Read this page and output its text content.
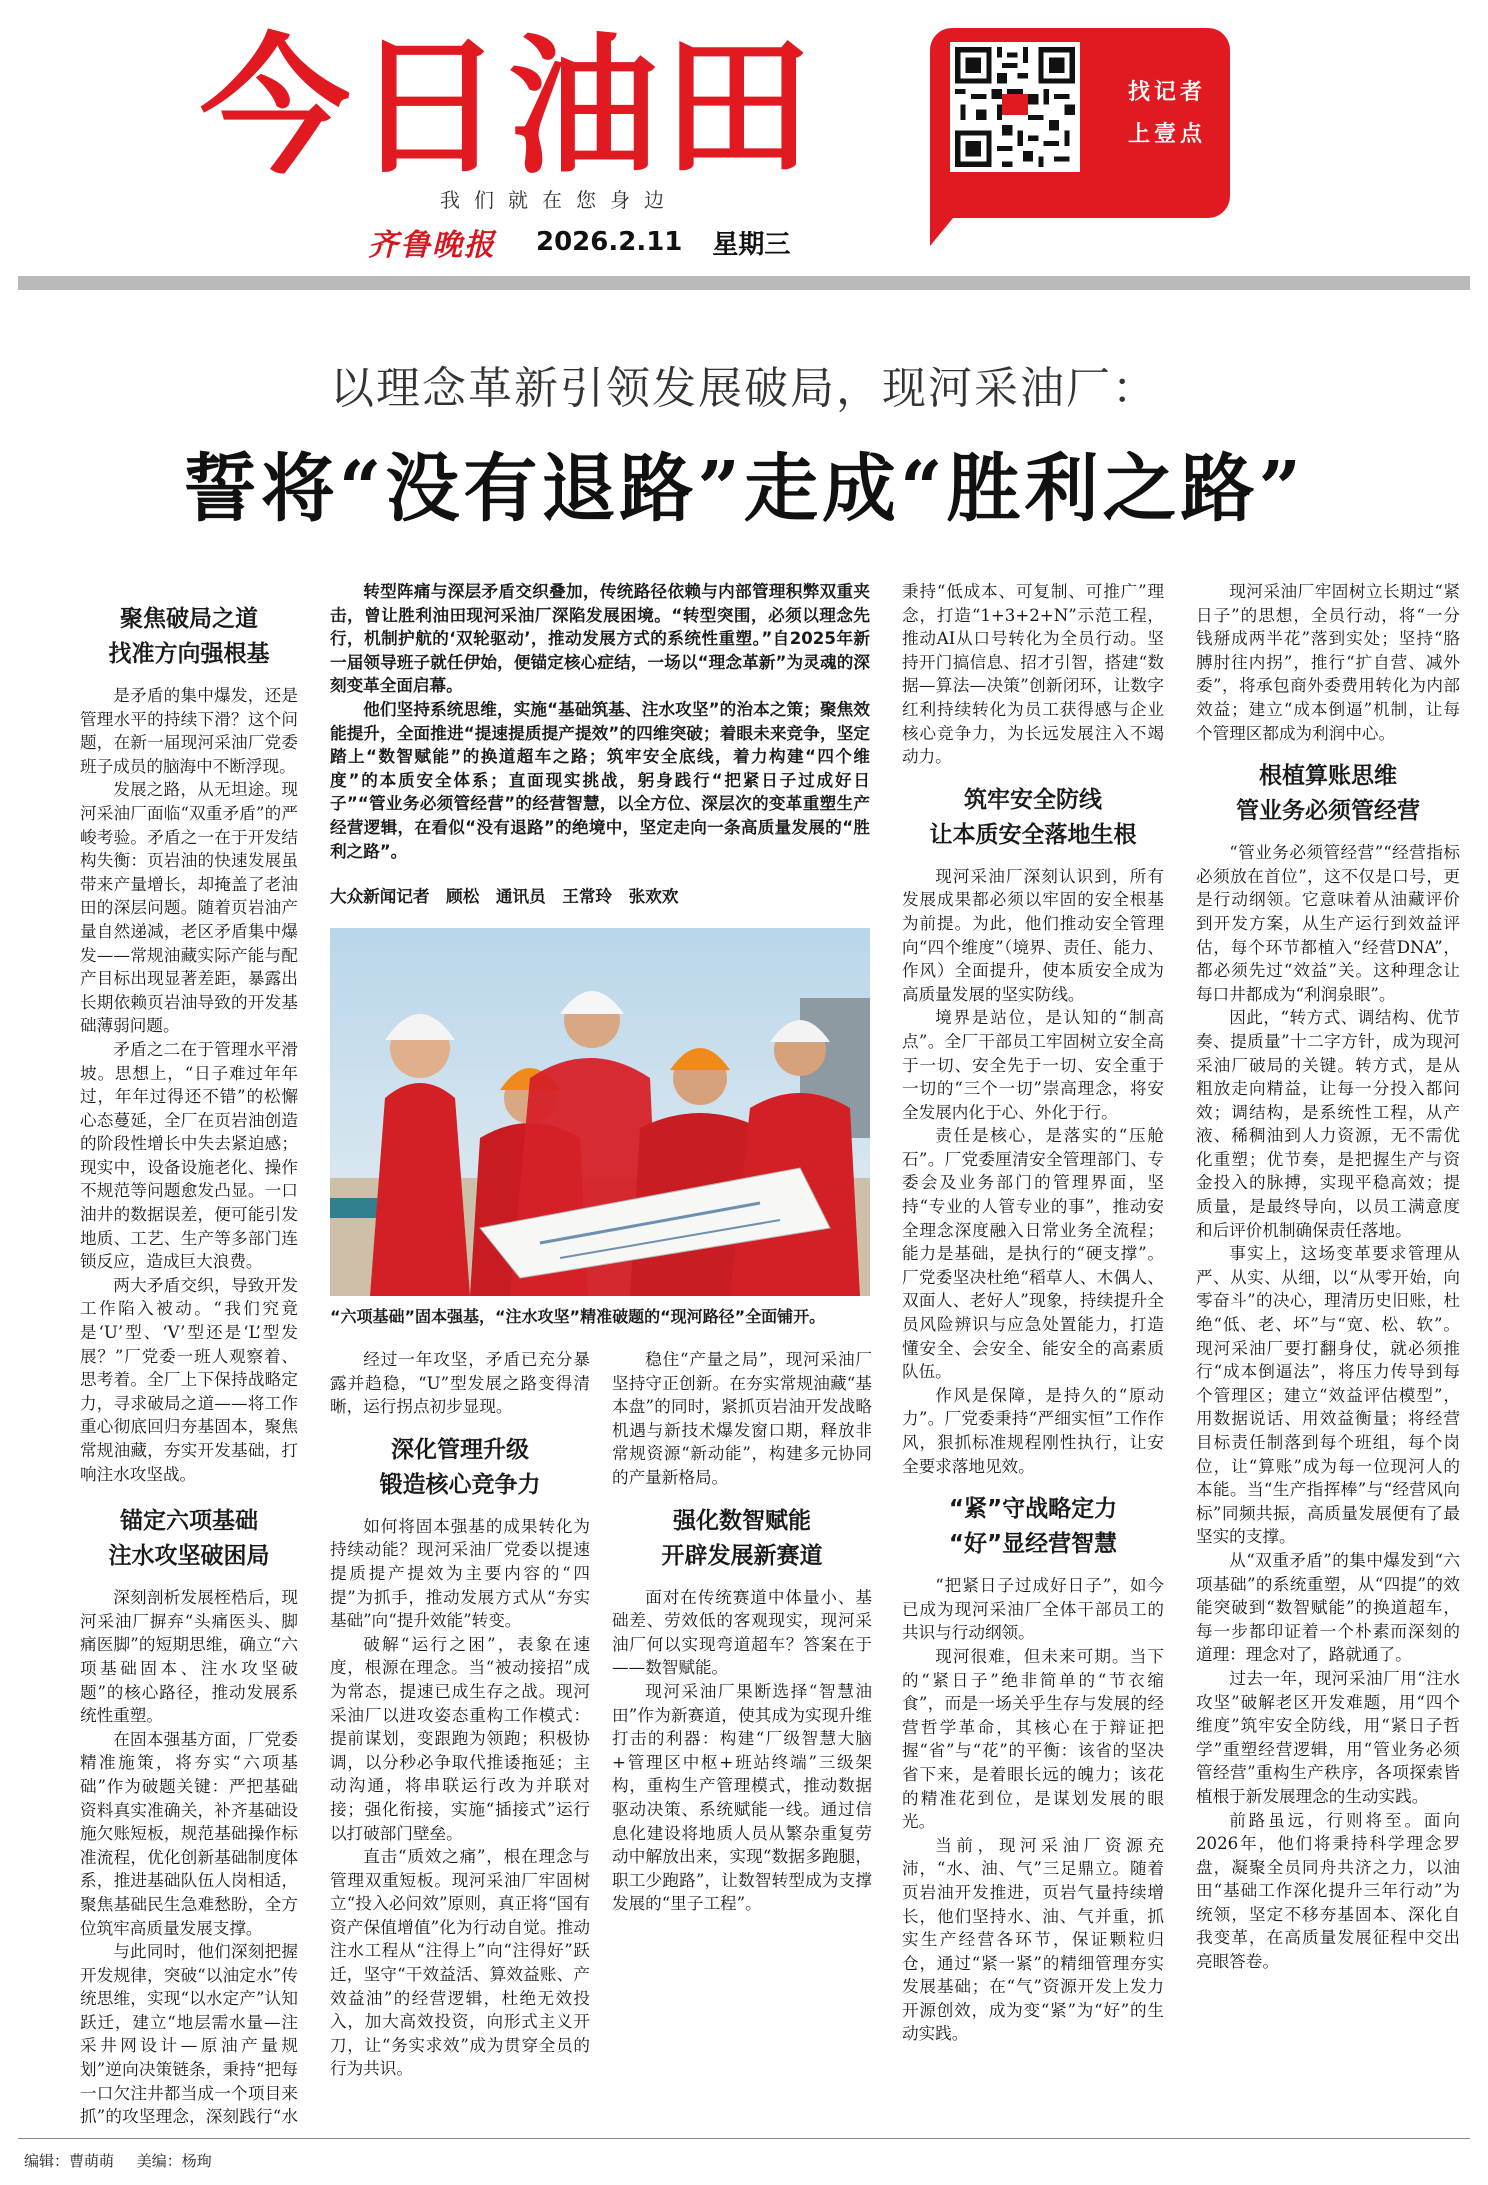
今日油田
我们就在您身边
齐鲁晚报 2026.2.11 星期三
找记者
上壹点
以理念革新引领发展破局，现河采油厂：
誓将“没有退路”走成“胜利之路”
聚焦破局之道
找准方向强根基

是矛盾的集中爆发，还是管理水平的持续下滑？这个问题，在新一届现河采油厂党委班子成员的脑海中不断浮现。

发展之路，从无坦途。现河采油厂面临“双重矛盾”的严峻考验。矛盾之一在于开发结构失衡：页岩油的快速发展虽带来产量增长，却掩盖了老油田的深层问题。随着页岩油产量自然递减，老区矛盾集中爆发——常规油藏实际产能与配产目标出现显著差距，暴露出长期依赖页岩油导致的开发基础薄弱问题。

矛盾之二在于管理水平滑坡。思想上，“日子难过年年过，年年过得还不错”的松懈心态蔓延，全厂在页岩油创造的阶段性增长中失去紧迫感；现实中，设备设施老化、操作不规范等问题愈发凸显。一口油井的数据误差，便可能引发地质、工艺、生产等多部门连锁反应，造成巨大浪费。

两大矛盾交织，导致开发工作陷入被动。“我们究竟是‘U’型、‘V’型还是‘L’型发展？”厂党委一班人观察着、思考着。全厂上下保持战略定力，寻求破局之道——将工作重心彻底回归夯基固本，聚焦常规油藏，夯实开发基础，打响注水攻坚战。

锚定六项基础
注水攻坚破困局

深刻剖析发展桎梏后，现河采油厂摒弃“头痛医头、脚痛医脚”的短期思维，确立“六项基础固本、注水攻坚破题”的核心路径，推动发展系统性重塑。

在固本强基方面，厂党委精准施策，将夯实“六项基础”作为破题关键：严把基础资料真实准确关，补齐基础设施欠账短板，规范基础操作标准流程，优化创新基础制度体系，推进基础队伍人岗相适，聚焦基础民生急难愁盼，全方位筑牢高质量发展支撑。

与此同时，他们深刻把握开发规律，突破“以油定水”传统思维，实现“以水定产”认知跃迁，建立“地层需水量—注采井网设计—原油产量规划”逆向决策链条，秉持“把每一口欠注井都当成一个项目来抓”的攻坚理念，深刻践行“水

转型阵痛与深层矛盾交织叠加，传统路径依赖与内部管理积弊双重夹击，曾让胜利油田现河采油厂深陷发展困境。“转型突围，必须以理念先行，机制护航的‘双轮驱动’，推动发展方式的系统性重塑。”自2025年新一届领导班子就任伊始，便锚定核心症结，一场以“理念革新”为灵魂的深刻变革全面启幕。

他们坚持系统思维，实施“基础筑基、注水攻坚”的治本之策；聚焦效能提升，全面推进“提速提质提产提效”的四维突破；着眼未来竞争，坚定踏上“数智赋能”的换道超车之路；筑牢安全底线，着力构建“四个维度”的本质安全体系；直面现实挑战，躬身践行“把紧日子过成好日子”“管业务必须管经营”的经营智慧，以全方位、深层次的变革重塑生产经营逻辑，在看似“没有退路”的绝境中，坚定走向一条高质量发展的“胜利之路”。

大众新闻记者　顾松　通讯员　王常玲　张欢欢
“六项基础”固本强基，“注水攻坚”精准破题的“现河路径”全面铺开。

经过一年攻坚，矛盾已充分暴露并趋稳，“U”型发展之路变得清晰，运行拐点初步显现。

深化管理升级
锻造核心竞争力

如何将固本强基的成果转化为持续动能？现河采油厂党委以提速提质提产提效为主要内容的“四提”为抓手，推动发展方式从“夯实基础”向“提升效能”转变。

破解“运行之困”，表象在速度，根源在理念。当“被动接招”成为常态，提速已成生存之战。现河采油厂以进攻姿态重构工作模式：提前谋划，变跟跑为领跑；积极协调，以分秒必争取代推诿拖延；主动沟通，将串联运行改为并联对接；强化衔接，实施“插接式”运行以打破部门壁垒。

直击“质效之痛”，根在理念与管理双重短板。现河采油厂牢固树立“投入必问效”原则，真正将“国有资产保值增值”化为行动自觉。推动注水工程从“注得上”向“注得好”跃迁，坚守“干效益活、算效益账、产效益油”的经营逻辑，杜绝无效投入，加大高效投资，向形式主义开刀，让“务实求效”成为贯穿全员的行为共识。

稳住“产量之局”，现河采油厂坚持守正创新。在夯实常规油藏“基本盘”的同时，紧抓页岩油开发战略机遇与新技术爆发窗口期，释放非常规资源“新动能”，构建多元协同的产量新格局。

强化数智赋能
开辟发展新赛道

面对在传统赛道中体量小、基础差、劳效低的客观现实，现河采油厂何以实现弯道超车？答案在于——数智赋能。

现河采油厂果断选择“智慧油田”作为新赛道，使其成为实现升维打击的利器：构建“厂级智慧大脑+管理区中枢+班站终端”三级架构，重构生产管理模式，推动数据驱动决策、系统赋能一线。通过信息化建设将地质人员从繁杂重复劳动中解放出来，实现“数据多跑腿，职工少跑路”，让数智转型成为支撑发展的“里子工程”。

秉持“低成本、可复制、可推广”理念，打造“1+3+2+N”示范工程，推动AI从口号转化为全员行动。坚持开门搞信息、招才引智，搭建“数据—算法—决策”创新闭环，让数字红利持续转化为员工获得感与企业核心竞争力，为长远发展注入不竭动力。

筑牢安全防线
让本质安全落地生根

现河采油厂深刻认识到，所有发展成果都必须以牢固的安全根基为前提。为此，他们推动安全管理向“四个维度”（境界、责任、能力、作风）全面提升，使本质安全成为高质量发展的坚实防线。

境界是站位，是认知的“制高点”。全厂干部员工牢固树立安全高于一切、安全先于一切、安全重于一切的“三个一切”崇高理念，将安全发展内化于心、外化于行。

责任是核心，是落实的“压舱石”。厂党委厘清安全管理部门、专委会及业务部门的管理界面，坚持“专业的人管专业的事”，推动安全理念深度融入日常业务全流程；能力是基础，是执行的“硬支撑”。厂党委坚决杜绝“稻草人、木偶人、双面人、老好人”现象，持续提升全员风险辨识与应急处置能力，打造懂安全、会安全、能安全的高素质队伍。

作风是保障，是持久的“原动力”。厂党委秉持“严细实恒”工作作风，狠抓标准规程刚性执行，让安全要求落地见效。

“紧”守战略定力
“好”显经营智慧

“把紧日子过成好日子”，如今已成为现河采油厂全体干部员工的共识与行动纲领。

现河很难，但未来可期。当下的“紧日子”绝非简单的“节衣缩食”，而是一场关乎生存与发展的经营哲学革命，其核心在于辩证把握“省”与“花”的平衡：该省的坚决省下来，是着眼长远的魄力；该花的精准花到位，是谋划发展的眼光。

当前，现河采油厂资源充沛，“水、油、气”三足鼎立。随着页岩油开发推进，页岩气量持续增长，他们坚持水、油、气并重，抓实生产经营各环节，保证颗粒归仓，通过“紧一紧”的精细管理夯实发展基础；在“气”资源开发上发力开源创效，成为变“紧”为“好”的生动实践。

现河采油厂牢固树立长期过“紧日子”的思想，全员行动，将“一分钱掰成两半花”落到实处；坚持“胳膊肘往内拐”，推行“扩自营、减外委”，将承包商外委费用转化为内部效益；建立“成本倒逼”机制，让每个管理区都成为利润中心。

根植算账思维
管业务必须管经营

“管业务必须管经营”“经营指标必须放在首位”，这不仅是口号，更是行动纲领。它意味着从油藏评价到开发方案，从生产运行到效益评估，每个环节都植入“经营DNA”，都必须先过“效益”关。这种理念让每口井都成为“利润泉眼”。

因此，“转方式、调结构、优节奏、提质量”十二字方针，成为现河采油厂破局的关键。转方式，是从粗放走向精益，让每一分投入都问效；调结构，是系统性工程，从产液、稀稠油到人力资源，无不需优化重塑；优节奏，是把握生产与资金投入的脉搏，实现平稳高效；提质量，是最终导向，以员工满意度和后评价机制确保责任落地。

事实上，这场变革要求管理从严、从实、从细，以“从零开始，向零奋斗”的决心，理清历史旧账，杜绝“低、老、坏”与“宽、松、软”。现河采油厂要打翻身仗，就必须推行“成本倒逼法”，将压力传导到每个管理区；建立“效益评估模型”，用数据说话、用效益衡量；将经营目标责任制落到每个班组，每个岗位，让“算账”成为每一位现河人的本能。当“生产指挥棒”与“经营风向标”同频共振，高质量发展便有了最坚实的支撑。

从“双重矛盾”的集中爆发到“六项基础”的系统重塑，从“四提”的效能突破到“数智赋能”的换道超车，每一步都印证着一个朴素而深刻的道理：理念对了，路就通了。

过去一年，现河采油厂用“注水攻坚”破解老区开发难题，用“四个维度”筑牢安全防线，用“紧日子哲学”重塑经营逻辑，用“管业务必须管经营”重构生产秩序，各项探索皆植根于新发展理念的生动实践。

前路虽远，行则将至。面向2026年，他们将秉持科学理念罗盘，凝聚全员同舟共济之力，以油田“基础工作深化提升三年行动”为统领，坚定不移夯基固本、深化自我变革，在高质量发展征程中交出亮眼答卷。

编辑：曹萌萌 美编：杨珣
